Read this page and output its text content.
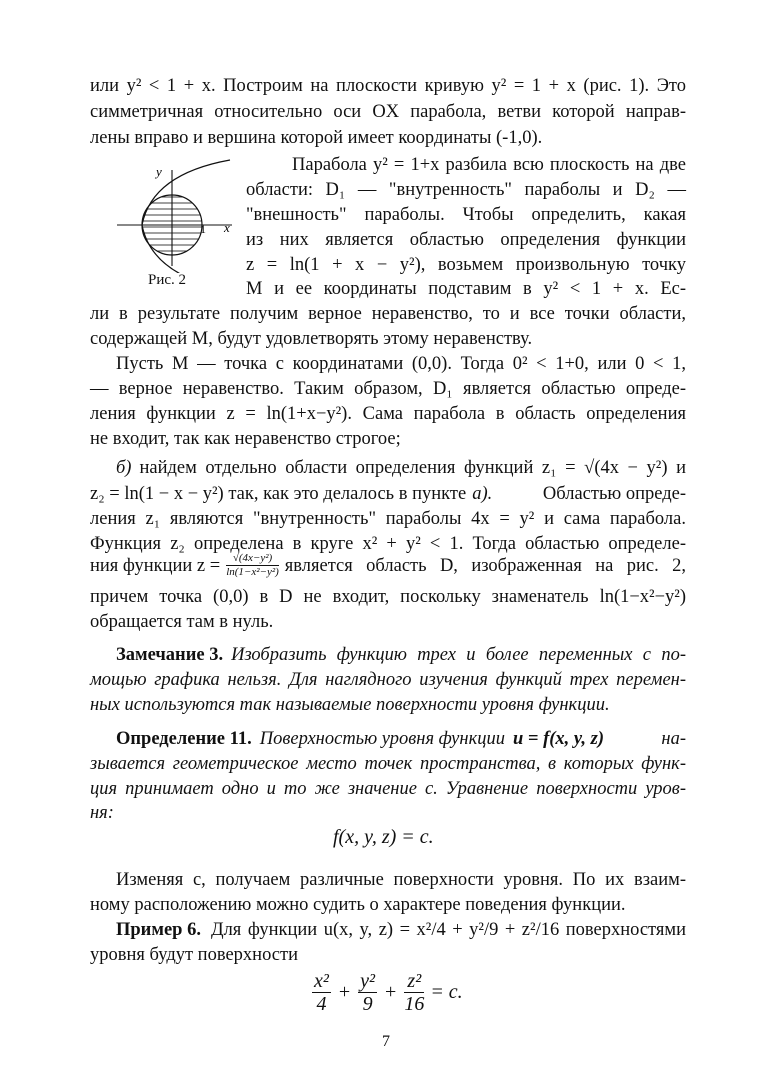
или y² < 1 + x. Построим на плоскости кривую y² = 1 + x (рис. 1). Это
симметричная относительно оси OX парабола, ветви которой направ-
лены вправо и вершина которой имеет координаты (-1,0).
y
x
1
Рис. 2
Парабола y² = 1+x разбила всю плоскость на две
области: D₁ — "внутренность" параболы и D₂ —
"внешность" параболы. Чтобы определить, какая
из них является областью определения функции
z = ln(1 + x − y²), возьмем произвольную точку
M и ее координаты подставим в y² < 1 + x. Ес-
ли в результате получим верное неравенство, то и все точки области,
содержащей M, будут удовлетворять этому неравенству.
Пусть M — точка с координатами (0,0). Тогда 0² < 1+0, или 0 < 1,
— верное неравенство. Таким образом, D₁ является областью опреде-
ления функции z = ln(1+x−y²). Сама парабола в область определения
не входит, так как неравенство строгое;
б) найдем отдельно области определения функций z₁ = √(4x − y²) и
z₂ = ln(1 − x − y²) так, как это делалось в пункте а).	Областью опреде-
ления z₁ являются "внутренность" параболы 4x = y² и сама парабола.
Функция z₂ определена в круге x² + y² < 1. Тогда областью определе-
ния функции $z = \frac{\text{√(4x−y²)}}{\text{ln(1−x²−y²)}}$ является область D, изображенная на рис. 2,
причем точка (0,0) в D не входит, поскольку знаменатель ln(1−x²−y²)
обращается там в нуль.
Замечание 3. Изобразить функцию трех и более переменных с по-
мощью графика нельзя. Для наглядного изучения функций трех перемен-
ных используются так называемые поверхности уровня функции.
Определение 11. Поверхностью уровня функции u = f(x, y, z)	на-
зывается геометрическое место точек пространства, в которых функ-
ция принимает одно и то же значение c. Уравнение поверхности уров-
ня:
f(x, y, z) = c.
Изменяя c, получаем различные поверхности уровня. По их взаим-
ному расположению можно судить о характере поведения функции.
Пример 6. Для функции u(x, y, z) = x²/4 + y²/9 + z²/16 поверхностями
уровня будут поверхности
$\frac{\text{x²}}{4} + \frac{\text{y²}}{9} + \frac{\text{z²}}{16} = c$.
7
